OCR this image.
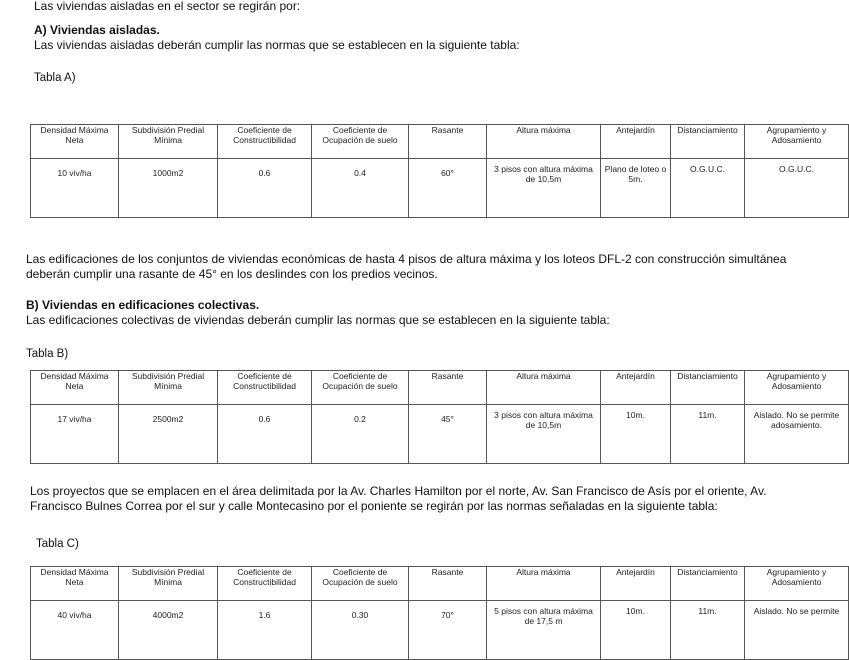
Las viviendas aisladas en el sector se regirán por:
A) Viviendas aisladas.
Las viviendas aisladas deberán cumplir las normas que se establecen en la siguiente tabla:
Tabla A)
Densidad Máxima Neta	Subdivisión Predial Mínima	Coeficiente de Constructibilidad	Coeficiente de Ocupación de suelo	Rasante	Altura máxima	Antejardín	Distanciamiento	Agrupamiento y Adosamiento
10 viv/ha	1000m2	0.6	0.4	60°	3 pisos con altura máxima de 10,5m	Plano de loteo o 5m.	O.G.U.C.	O.G.U.C.
Las edificaciones de los conjuntos de viviendas económicas de hasta 4 pisos de altura máxima y los loteos DFL-2 con construcción simultánea
deberán cumplir una rasante de 45° en los deslindes con los predios vecinos.
B) Viviendas en edificaciones colectivas.
Las edificaciones colectivas de viviendas deberán cumplir las normas que se establecen en la siguiente tabla:
Tabla B)
Densidad Máxima Neta	Subdivisión Predial Mínima	Coeficiente de Constructibilidad	Coeficiente de Ocupación de suelo	Rasante	Altura máxima	Antejardín	Distanciamiento	Agrupamiento y Adosamiento
17 viv/ha	2500m2	0.6	0.2	45°	3 pisos con altura máxima de 10,5m	10m.	11m.	Aislado. No se permite adosamiento.
Los proyectos que se emplacen en el área delimitada por la Av. Charles Hamilton por el norte, Av. San Francisco de Asís por el oriente, Av.
Francisco Bulnes Correa por el sur y calle Montecasino por el poniente se regirán por las normas señaladas en la siguiente tabla:
Tabla C)
Densidad Máxima Neta	Subdivisión Predial Mínima	Coeficiente de Constructibilidad	Coeficiente de Ocupación de suelo	Rasante	Altura máxima	Antejardín	Distanciamiento	Agrupamiento y Adosamiento
40 viv/ha	4000m2	1.6	0.30	70°	5 pisos con altura máxima de 17,5 m	10m.	11m.	Aislado. No se permite
